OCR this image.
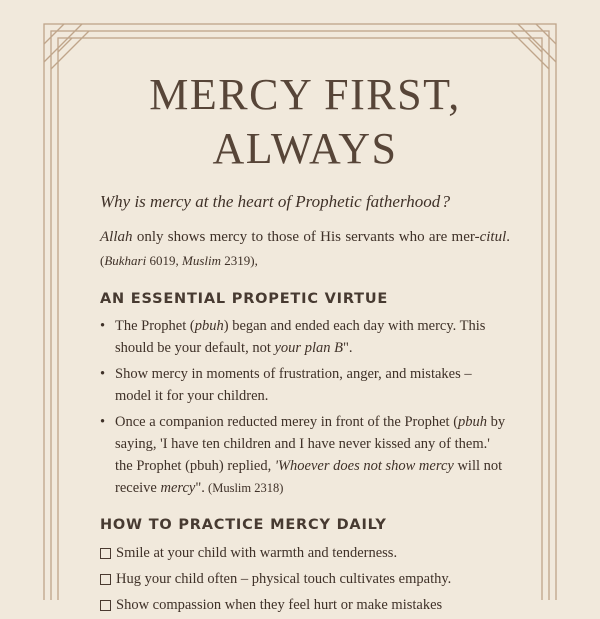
MERCY FIRST,
ALWAYS

Why is mercy at the heart of Prophetic fatherhood ?

Allah only shows mercy to those of His servants who are mer-citul. (Bukhari 6019, Muslim 2319),

AN ESSENTIAL PROPETIC VIRTUE
• The Prophet (pbuh) began and ended each day with mercy. This should be your default, not your plan B".
• Show mercy in moments of frustration, anger, and mistakes – model it for your children.
• Once a companion reducted merey in front of the Prophet (pbuh by saying, 'I have ten children and I have never kissed any of them.' the Prophet (pbuh) replied, 'Whoever does not show mercy will not receive mercy". (Muslim 2318)
HOW TO PRACTICE MERCY DAILY
Smile at your child with warmth and tenderness.
Hug your child often – physical touch cultivates empathy.
Show compassion when they feel hurt or make mistakes
